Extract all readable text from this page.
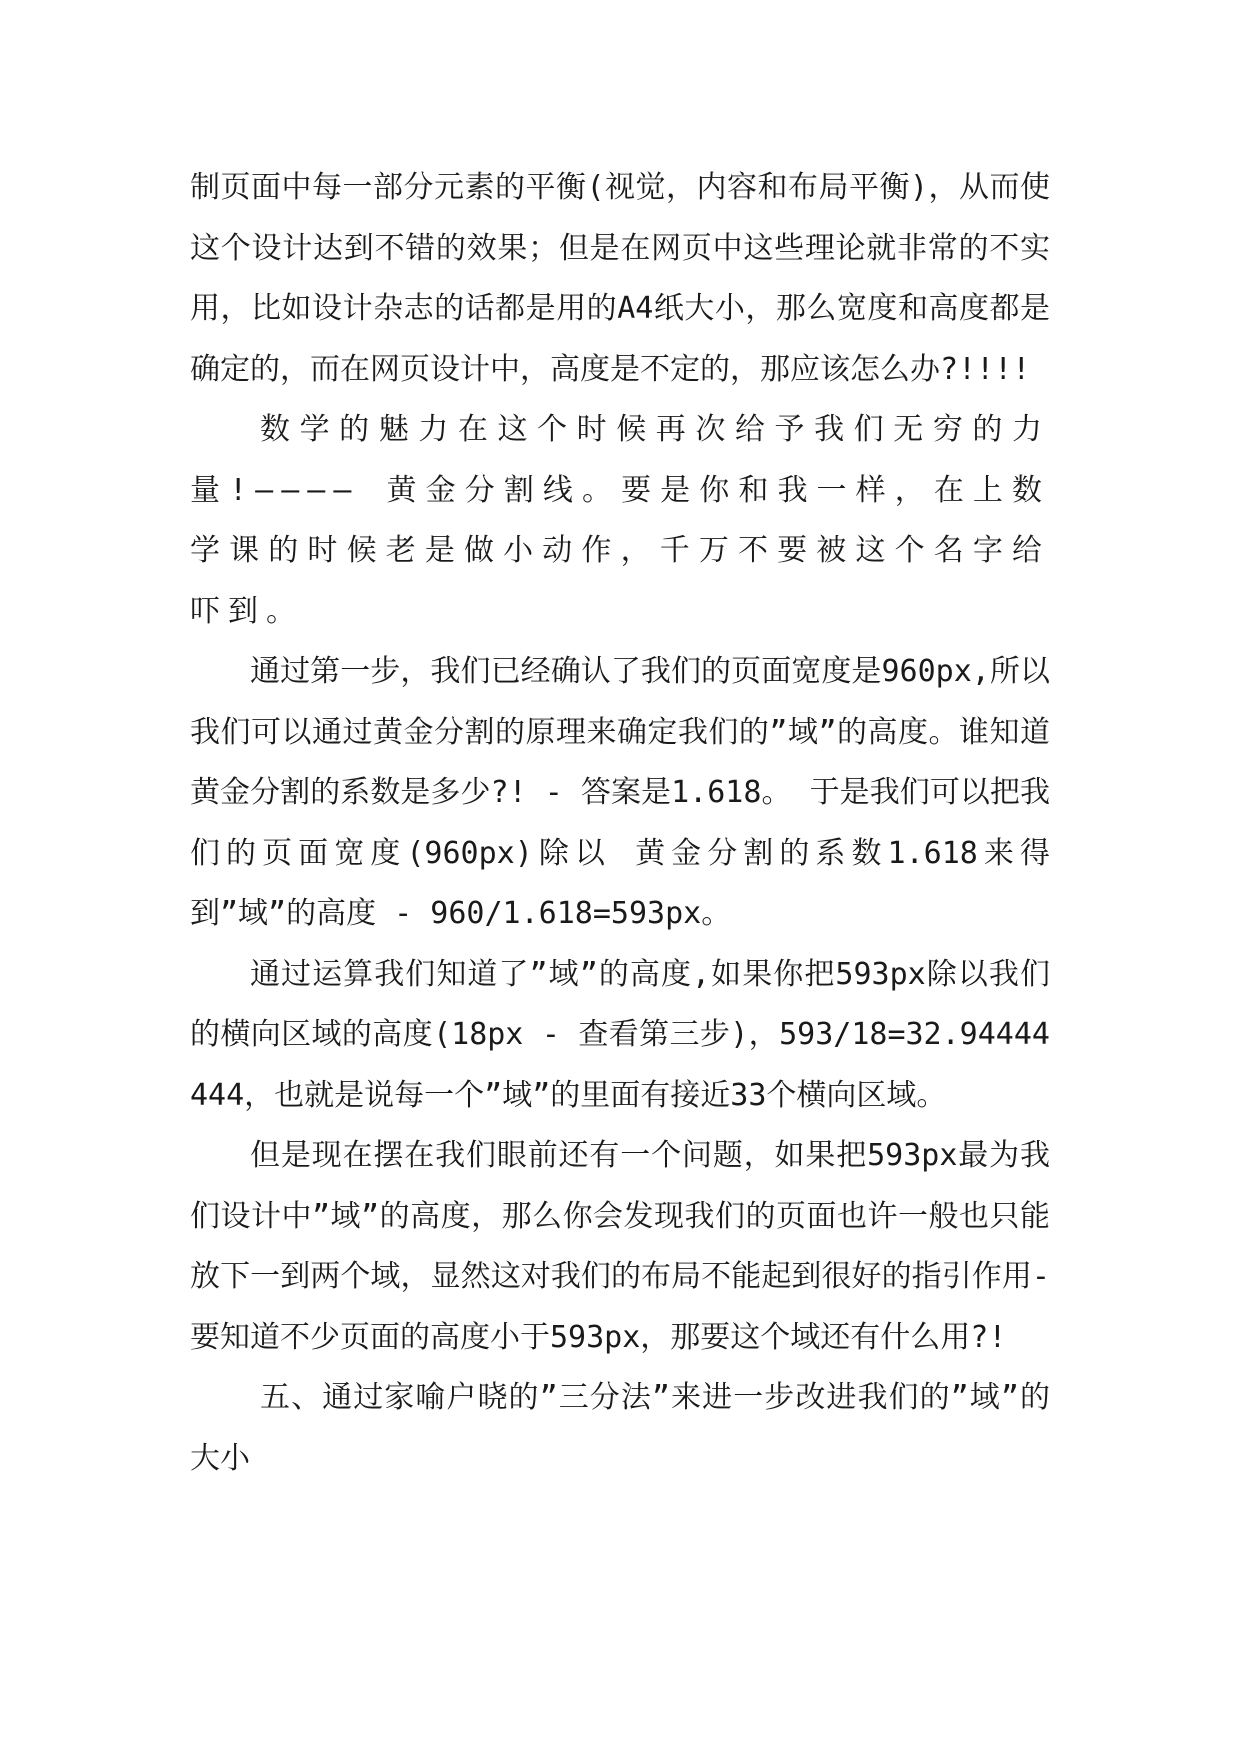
制页面中每一部分元素的平衡(视觉，内容和布局平衡)，从而使这个设计达到不错的效果；但是在网页中这些理论就非常的不实用，比如设计杂志的话都是用的A4纸大小，那么宽度和高度都是确定的，而在网页设计中，高度是不定的，那应该怎么办?!!!!

数学的魅力在这个时候再次给予我们无穷的力量!———— 黄金分割线。要是你和我一样，在上数学课的时候老是做小动作，千万不要被这个名字给吓到。

通过第一步，我们已经确认了我们的页面宽度是960px,所以我们可以通过黄金分割的原理来确定我们的”域”的高度。谁知道黄金分割的系数是多少?! - 答案是1.618。 于是我们可以把我们的页面宽度(960px)除以 黄金分割的系数1.618来得到”域”的高度 - 960/1.618=593px。

通过运算我们知道了”域”的高度,如果你把593px除以我们的横向区域的高度(18px - 查看第三步)，593/18=32.94444444，也就是说每一个”域”的里面有接近33个横向区域。

但是现在摆在我们眼前还有一个问题，如果把593px最为我们设计中”域”的高度，那么你会发现我们的页面也许一般也只能放下一到两个域，显然这对我们的布局不能起到很好的指引作用-要知道不少页面的高度小于593px，那要这个域还有什么用?!

五、通过家喻户晓的”三分法”来进一步改进我们的”域”的大小
